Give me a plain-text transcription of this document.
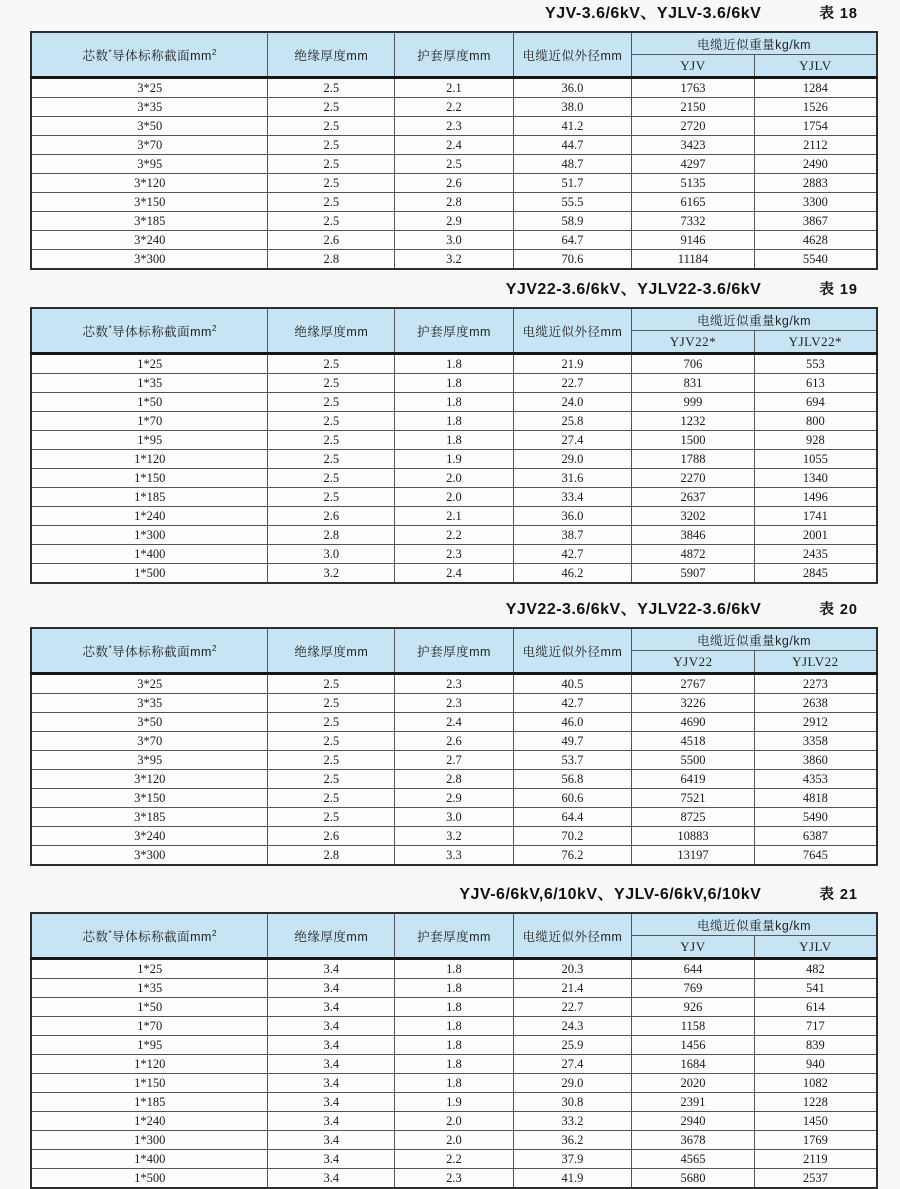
YJV-3.6/6kV、YJLV-3.6/6kV	表 18
芯数*导体标称截面$mm^2$	绝缘厚度mm	护套厚度mm	电缆近似外径mm	电缆近似重量kg/km	
				YJV	YJLV
3*25	2.5	2.1	36.0	1763	1284
3*35	2.5	2.2	38.0	2150	1526
3*50	2.5	2.3	41.2	2720	1754
3*70	2.5	2.4	44.7	3423	2112
3*95	2.5	2.5	48.7	4297	2490
3*120	2.5	2.6	51.7	5135	2883
3*150	2.5	2.8	55.5	6165	3300
3*185	2.5	2.9	58.9	7332	3867
3*240	2.6	3.0	64.7	9146	4628
3*300	2.8	3.2	70.6	11184	5540
YJV22-3.6/6kV、YJLV22-3.6/6kV	表 19
芯数*导体标称截面$mm^2$	绝缘厚度mm	护套厚度mm	电缆近似外径mm	电缆近似重量kg/km	
				YJV22*	YJLV22*
1*25	2.5	1.8	21.9	706	553
1*35	2.5	1.8	22.7	831	613
1*50	2.5	1.8	24.0	999	694
1*70	2.5	1.8	25.8	1232	800
1*95	2.5	1.8	27.4	1500	928
1*120	2.5	1.9	29.0	1788	1055
1*150	2.5	2.0	31.6	2270	1340
1*185	2.5	2.0	33.4	2637	1496
1*240	2.6	2.1	36.0	3202	1741
1*300	2.8	2.2	38.7	3846	2001
1*400	3.0	2.3	42.7	4872	2435
1*500	3.2	2.4	46.2	5907	2845
YJV22-3.6/6kV、YJLV22-3.6/6kV	表 20
芯数*导体标称截面$mm^2$	绝缘厚度mm	护套厚度mm	电缆近似外径mm	电缆近似重量kg/km	
				YJV22	YJLV22
3*25	2.5	2.3	40.5	2767	2273
3*35	2.5	2.3	42.7	3226	2638
3*50	2.5	2.4	46.0	4690	2912
3*70	2.5	2.6	49.7	4518	3358
3*95	2.5	2.7	53.7	5500	3860
3*120	2.5	2.8	56.8	6419	4353
3*150	2.5	2.9	60.6	7521	4818
3*185	2.5	3.0	64.4	8725	5490
3*240	2.6	3.2	70.2	10883	6387
3*300	2.8	3.3	76.2	13197	7645
YJV-6/6kV,6/10kV、YJLV-6/6kV,6/10kV	表 21
芯数*导体标称截面$mm^2$	绝缘厚度mm	护套厚度mm	电缆近似外径mm	电缆近似重量kg/km	
				YJV	YJLV
1*25	3.4	1.8	20.3	644	482
1*35	3.4	1.8	21.4	769	541
1*50	3.4	1.8	22.7	926	614
1*70	3.4	1.8	24.3	1158	717
1*95	3.4	1.8	25.9	1456	839
1*120	3.4	1.8	27.4	1684	940
1*150	3.4	1.8	29.0	2020	1082
1*185	3.4	1.9	30.8	2391	1228
1*240	3.4	2.0	33.2	2940	1450
1*300	3.4	2.0	36.2	3678	1769
1*400	3.4	2.2	37.9	4565	2119
1*500	3.4	2.3	41.9	5680	2537
